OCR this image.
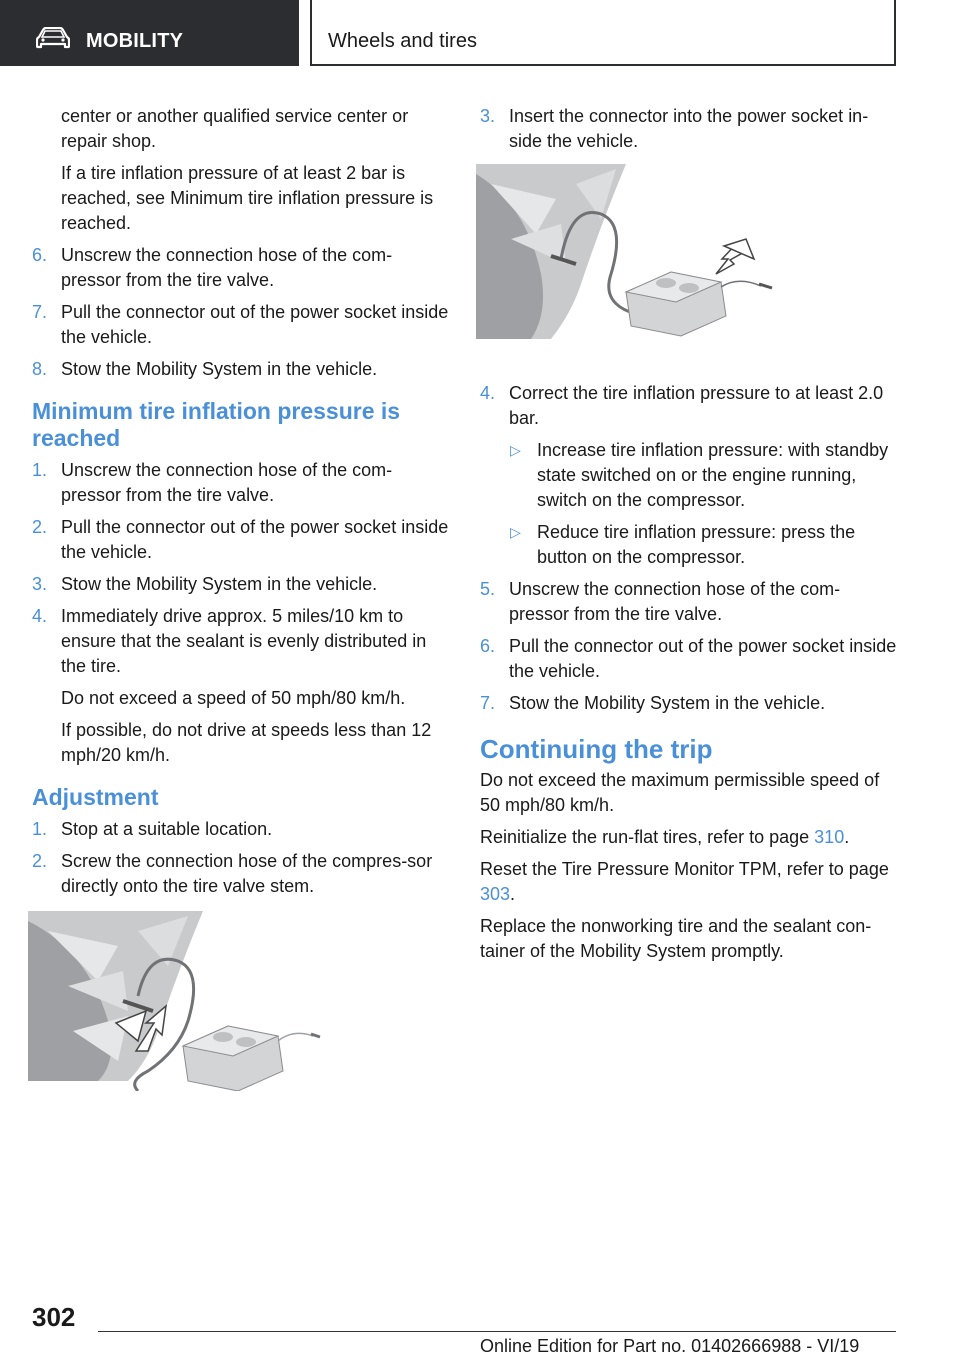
MOBILITY	Wheels and tires

center or another qualified service center or repair shop.

If a tire inflation pressure of at least 2 bar is reached, see Minimum tire inflation pressure is reached.

6. Unscrew the connection hose of the com‐pressor from the tire valve.
7. Pull the connector out of the power socket inside the vehicle.
8. Stow the Mobility System in the vehicle.
Minimum tire inflation pressure is reached
1. Unscrew the connection hose of the com‐pressor from the tire valve.
2. Pull the connector out of the power socket inside the vehicle.
3. Stow the Mobility System in the vehicle.
4. Immediately drive approx. 5 miles/10 km to ensure that the sealant is evenly distributed in the tire.

Do not exceed a speed of 50 mph/80 km/h.

If possible, do not drive at speeds less than 12 mph/20 km/h.

Adjustment
1. Stop at a suitable location.
2. Screw the connection hose of the compres‐sor directly onto the tire valve stem.
3. Insert the connector into the power socket in‐side the vehicle.
4. Correct the tire inflation pressure to at least 2.0 bar.
▷ Increase tire inflation pressure: with standby state switched on or the engine running, switch on the compressor.
▷ Reduce tire inflation pressure: press the button on the compressor.
5. Unscrew the connection hose of the com‐pressor from the tire valve.
6. Pull the connector out of the power socket inside the vehicle.
7. Stow the Mobility System in the vehicle.
Continuing the trip

Do not exceed the maximum permissible speed of 50 mph/80 km/h.

Reinitialize the run-flat tires, refer to page 310.

Reset the Tire Pressure Monitor TPM, refer to page 303.

Replace the nonworking tire and the sealant con‐tainer of the Mobility System promptly.

302
Online Edition for Part no. 01402666988 - VI/19
